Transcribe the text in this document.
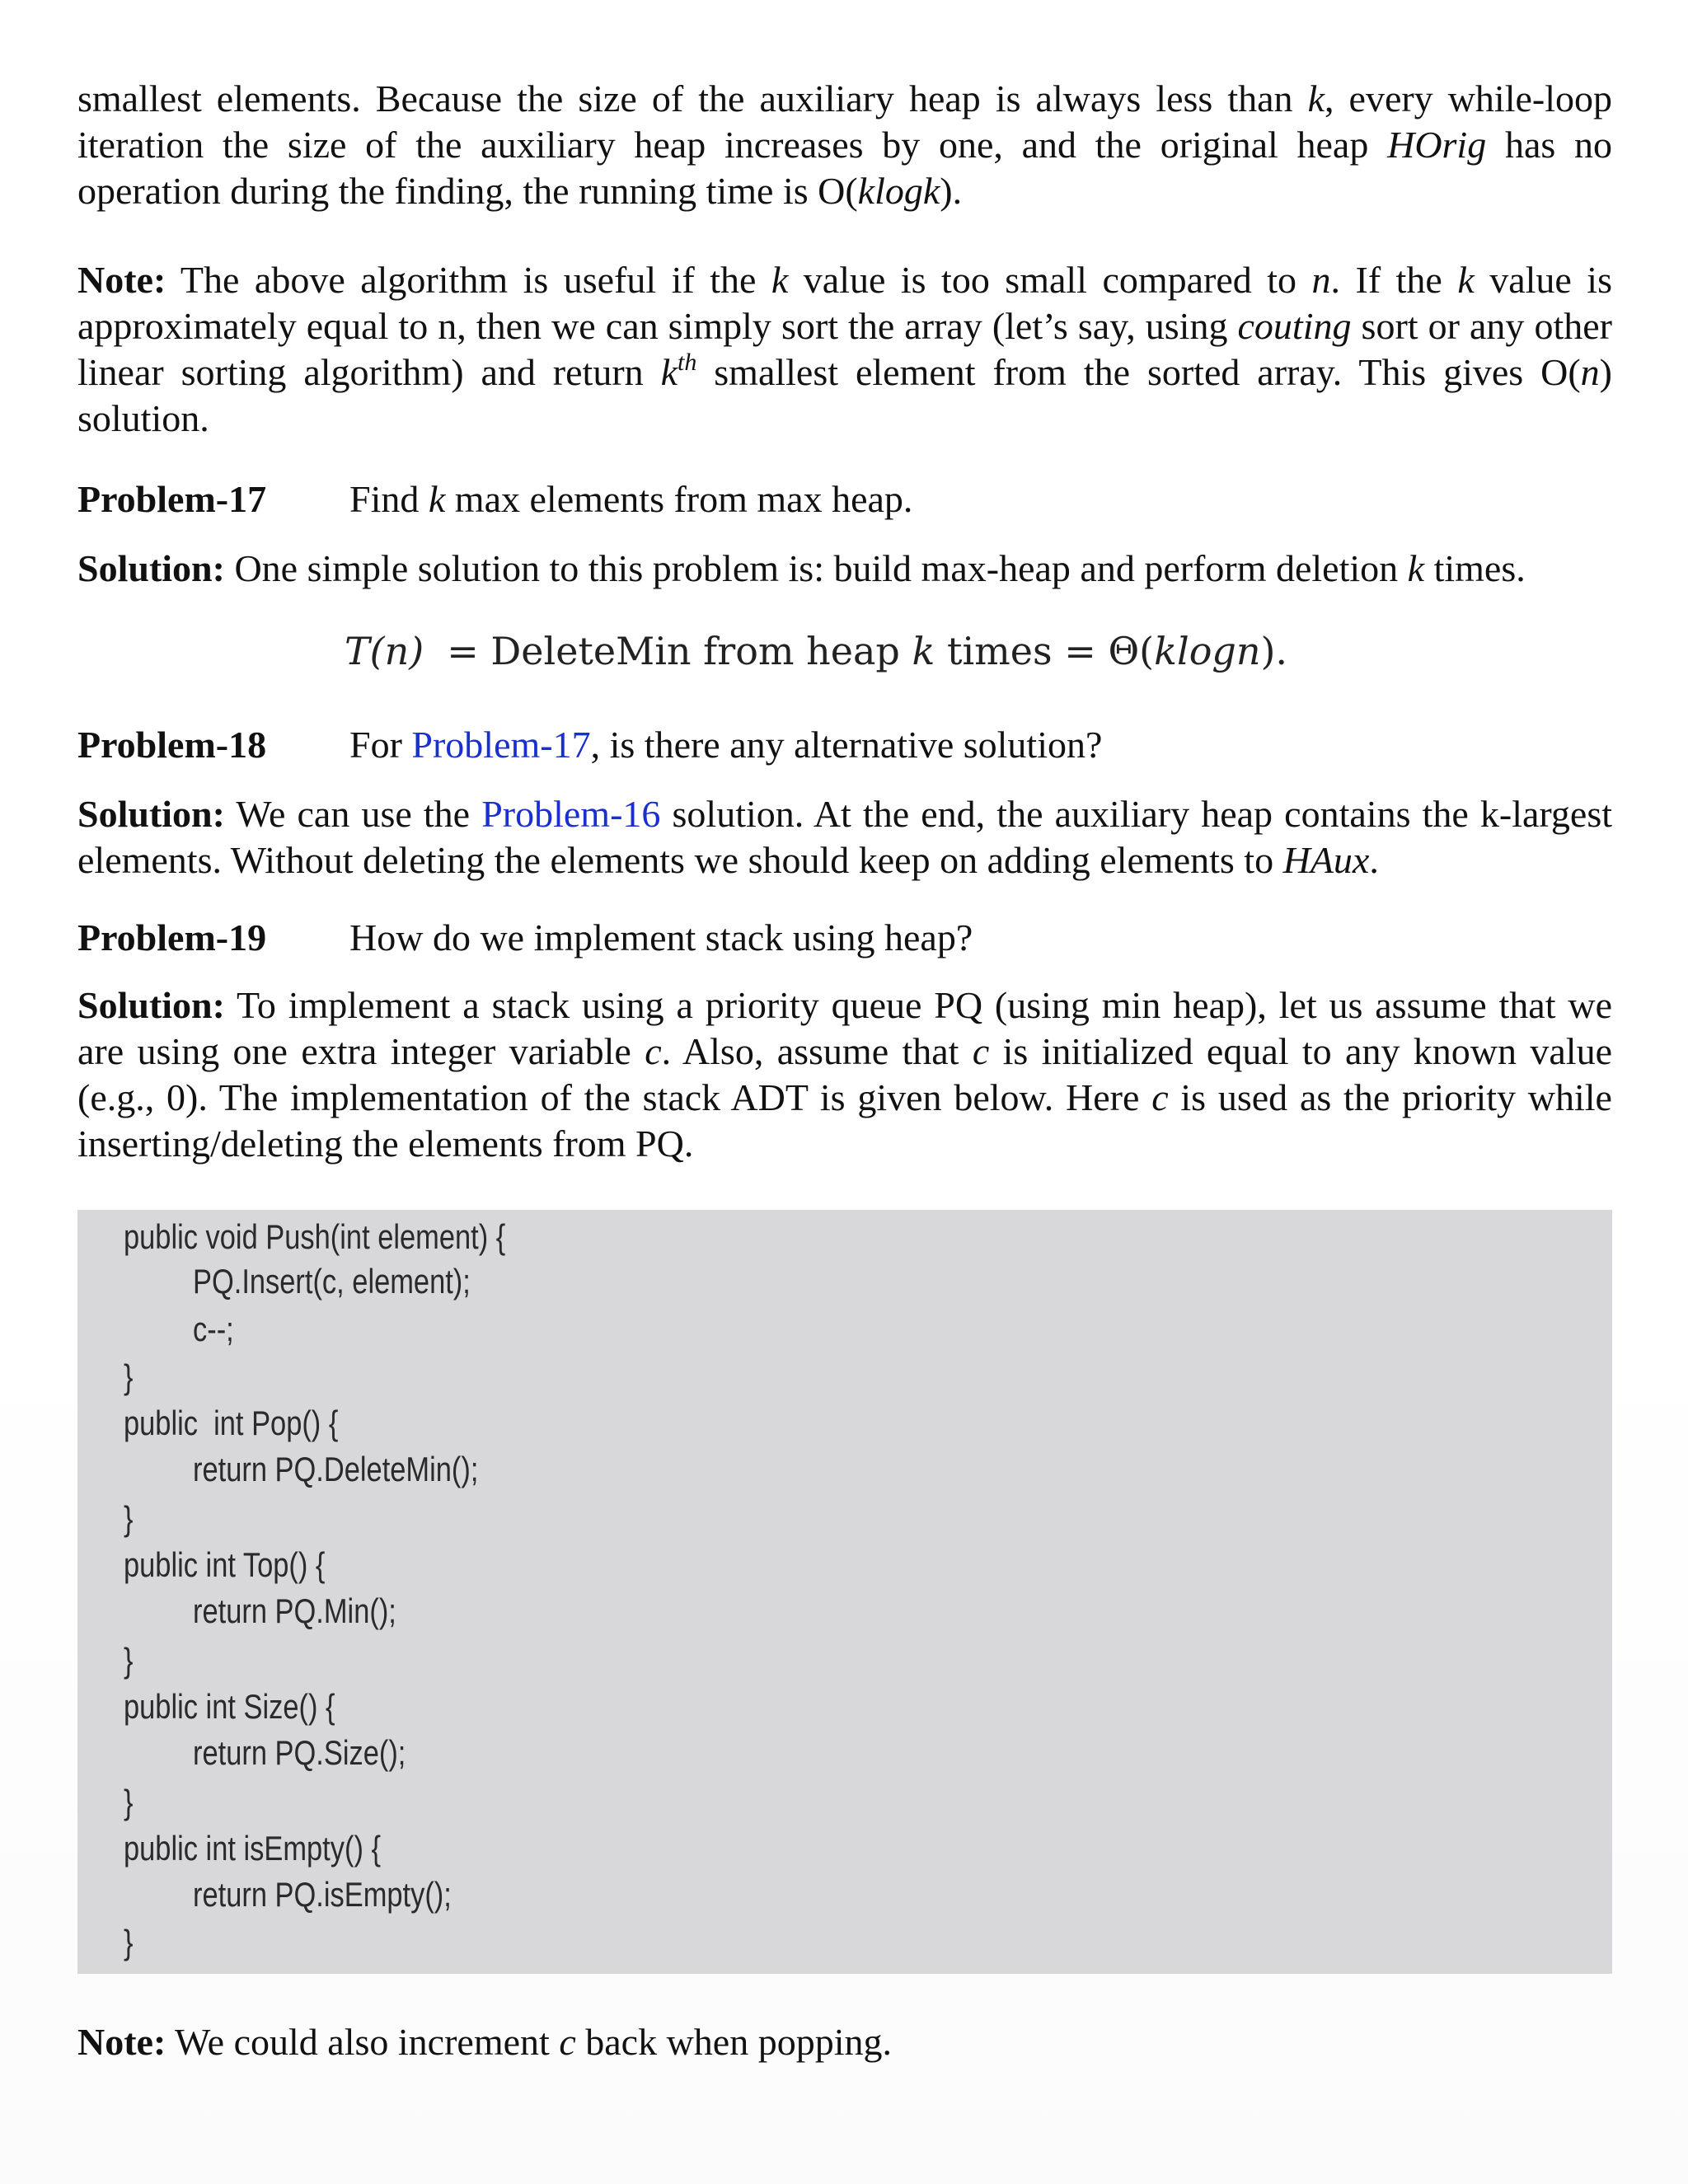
smallest elements. Because the size of the auxiliary heap is always less than k, every while-loop iteration the size of the auxiliary heap increases by one, and the original heap HOrig has no operation during the finding, the running time is O(klogk).

Note: The above algorithm is useful if the k value is too small compared to n. If the k value is approximately equal to n, then we can simply sort the array (let’s say, using couting sort or any other linear sorting algorithm) and return $k^{th}$ smallest element from the sorted array. This gives O(n) solution.

Problem-17 Find k max elements from max heap.

Solution: One simple solution to this problem is: build max-heap and perform deletion k times.

T(n) = DeleteMin from heap k times = Θ(klogn).

Problem-18 For Problem-17, is there any alternative solution?

Solution: We can use the Problem-16 solution. At the end, the auxiliary heap contains the k-largest elements. Without deleting the elements we should keep on adding elements to HAux.

Problem-19 How do we implement stack using heap?

Solution: To implement a stack using a priority queue PQ (using min heap), let us assume that we are using one extra integer variable c. Also, assume that c is initialized equal to any known value (e.g., 0). The implementation of the stack ADT is given below. Here c is used as the priority while inserting/deleting the elements from PQ.

public void Push(int element) {
PQ.Insert(c, element);
c--;
}
public  int Pop() {
return PQ.DeleteMin();
}
public int Top() {
return PQ.Min();
}
public int Size() {
return PQ.Size();
}
public int isEmpty() {
return PQ.isEmpty();
}

Note: We could also increment c back when popping.
